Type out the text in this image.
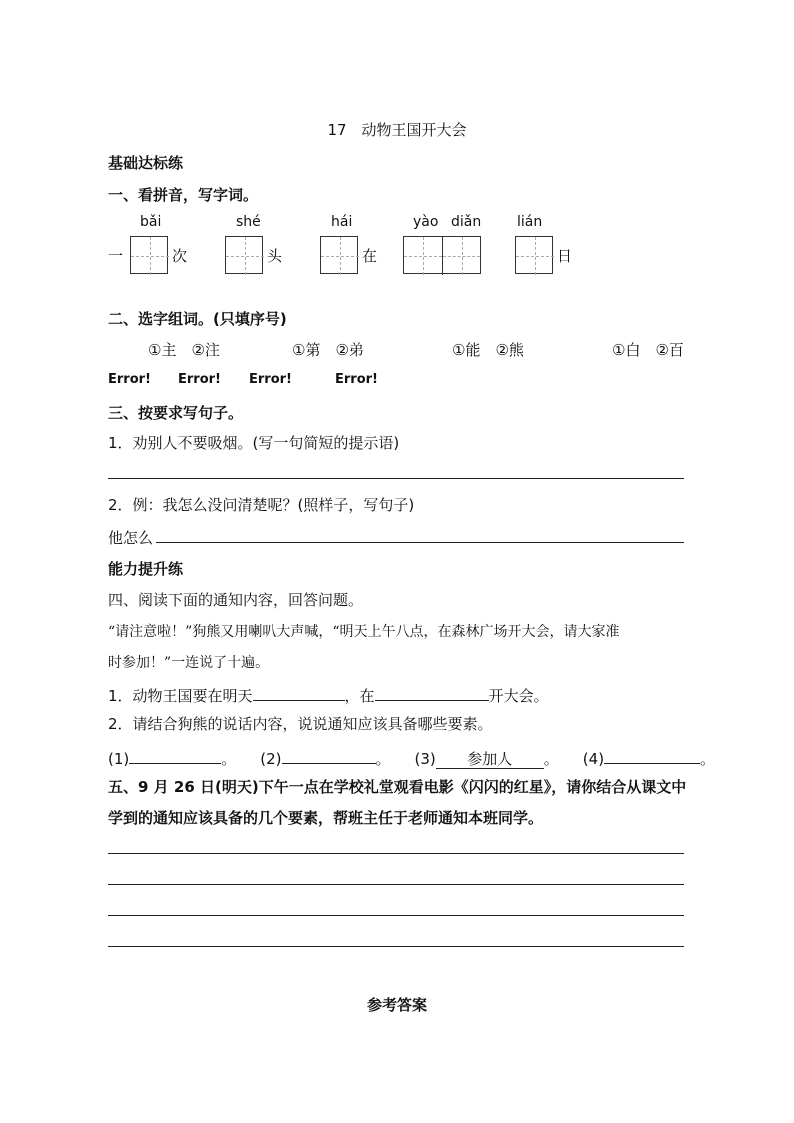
17　动物王国开大会
基础达标练
一、看拼音，写字词。
bǎi	shé	hái	yào diǎn	lián
一	次	头	在	日
二、选字组词。(只填序号)
①主　②注	①第　②弟	①能　②熊	①白　②百
Error! Error! Error!	Error!
三、按要求写句子。
1．劝别人不要吸烟。(写一句简短的提示语)
2．例：我怎么没问清楚呢？(照样子，写句子)
他怎么
能力提升练
四、阅读下面的通知内容，回答问题。
“请注意啦！”狗熊又用喇叭大声喊，“明天上午八点，在森林广场开大会，请大家准
时参加！”一连说了十遍。
1．动物王国要在明天	，在	开大会。
2．请结合狗熊的说话内容，说说通知应该具备哪些要素。
(1)	。 (2)	。 (3) 参加人 。 (4)	。
五、9 月 26 日(明天)下午一点在学校礼堂观看电影《闪闪的红星》，请你结合从课文中
学到的通知应该具备的几个要素，帮班主任于老师通知本班同学。
参考答案
